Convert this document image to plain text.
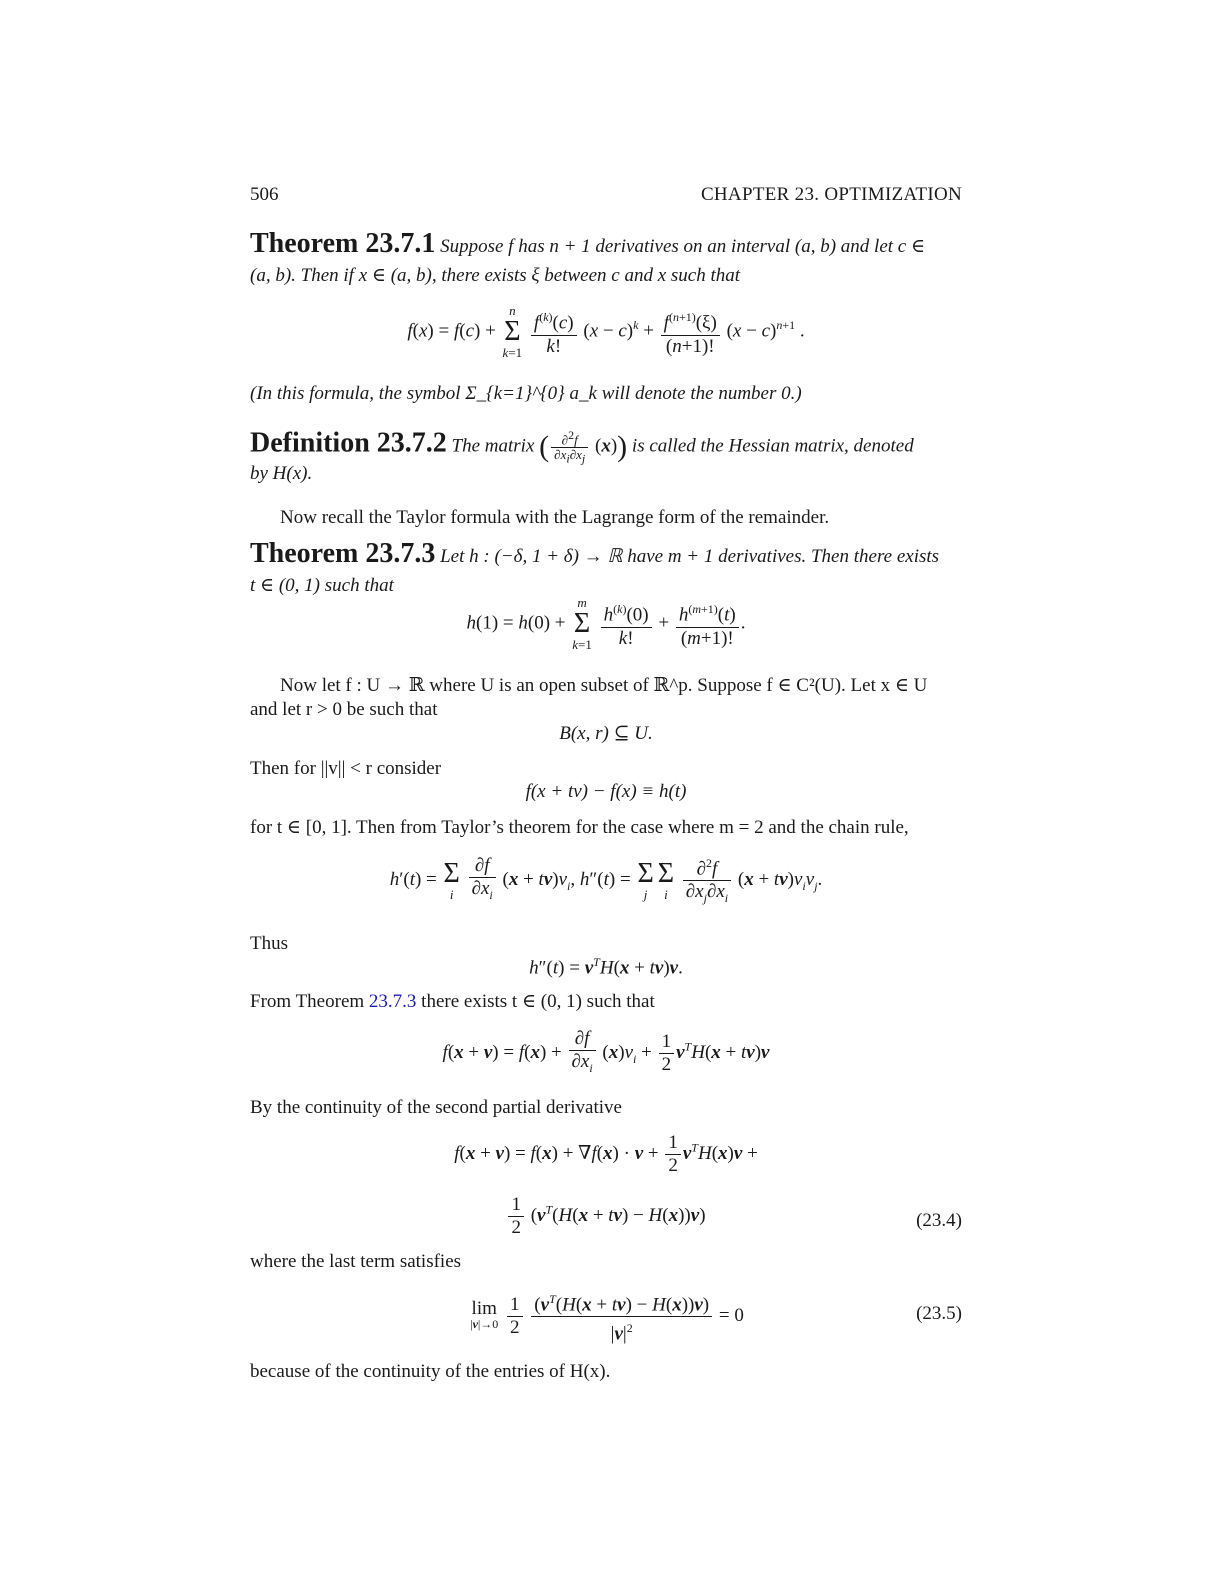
506	CHAPTER 23. OPTIMIZATION
Theorem 23.7.1 Suppose f has n + 1 derivatives on an interval (a, b) and let c ∈
(a, b). Then if x ∈ (a, b), there exists ξ between c and x such that
f(x) = f(c) + n
Σ
$k=1 \frac{f^{(k)}(c)}{k!} (x - c)^k + \frac{f^{(n+1)}(\xi)}{(n+1)!} (x - c)^{n+1}$ .
(In this formula, the symbol Σ_{k=1}^{0} a_k will denote the number 0.)
Definition 23.7.2 The matrix ( $\frac{\partial^2f}{\partial x_i\partial x_j} (x)$) is called the Hessian matrix, denoted
by H(x).
Now recall the Taylor formula with the Lagrange form of the remainder.
Theorem 23.7.3 Let h : (−δ, 1 + δ) → ℝ have m + 1 derivatives. Then there exists
t ∈ (0, 1) such that
h(1) = h(0) + m
Σ
$k=1 \frac{h^{(k)}(0)}{k!} + \frac{h^{(m+1)}(t)}{(m+1)!}$ .
Now let f : U → ℝ where U is an open subset of ℝ^p. Suppose f ∈ C²(U). Let x ∈ U
and let r > 0 be such that
B(x, r) ⊆ U.
Then for ||v|| < r consider
f(x + tv) − f(x) ≡ h(t)
for t ∈ [0, 1]. Then from Taylor’s theorem for the case where m = 2 and the chain rule,
h′(t) = Σ
i $\frac{\partial f}{\partial x_i} (x + tv)v_i$, h″(t) = Σ
j
Σ
i $\frac{\partial^2f}{\partial x_j\partial x_i} (x + tv)v_iv_j$.
Thus
$h''(t) = v^TH(x + tv)v$.
From Theorem 23.7.3 there exists t ∈ (0, 1) such that
$f(x + v) = f(x) + \frac{\partial f}{\partial x_i} (x)v_i + \frac{1}{2} v^TH(x + tv)v$
By the continuity of the second partial derivative
$f(x + v) = f(x) + \nabla f(x) \cdot v + \frac{1}{2} v^TH(x)v$ +
$\frac{1}{2} (v^T(H(x + tv) - H(x))v)$	(23.4)
where the last term satisfies
lim
$|v|\to 0 \frac{1}{2}$
$\frac{(v^T(H(x + tv) - H(x))v)}{|v|^2} = 0$	(23.5)
because of the continuity of the entries of H(x).
